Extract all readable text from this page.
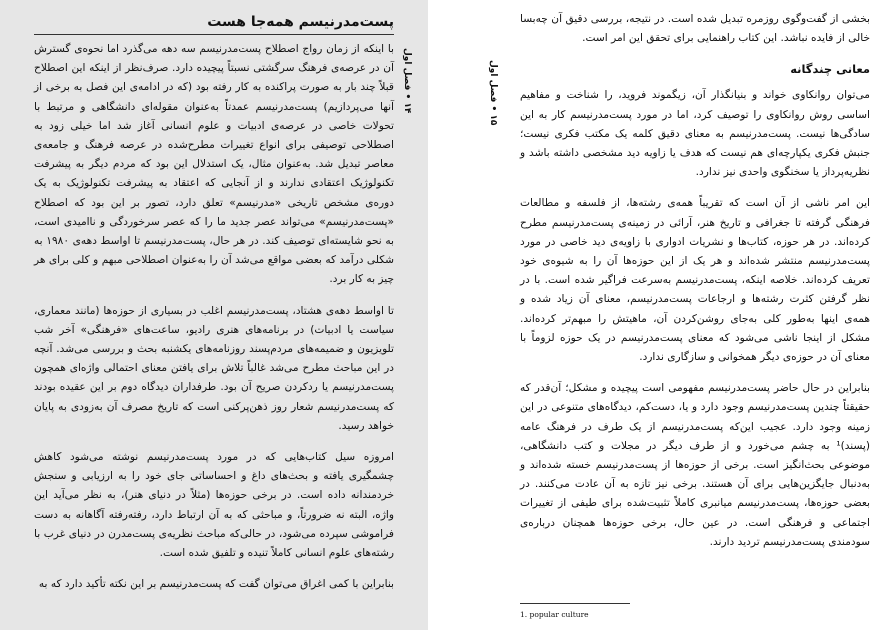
پست‌مدرنیسم همه‌جا هست
۱۴ • فصل اول

با اینکه از زمان رواج اصطلاح پست‌مدرنیسم سه دهه می‌گذرد اما نحوه‌ی گسترش آن در عرصه‌ی فرهنگ سرگشتی نسبتاً پیچیده دارد. صرف‌نظر از اینکه این اصطلاح قبلاً چند بار به صورت پراکنده به کار رفته بود (که در ادامه‌ی این فصل به برخی از آنها می‌پردازیم) پست‌مدرنیسم عمدتاً به‌عنوان مقوله‌ای دانشگاهی و مرتبط با تحولات خاصی در عرصه‌ی ادبیات و علوم انسانی آغاز شد اما خیلی زود به اصطلاحی توصیفی برای انواع تغییرات مطرح‌شده در عرصه فرهنگ و جامعه‌ی معاصر تبدیل شد. به‌عنوان مثال، یک استدلال این بود که مردم دیگر به پیشرفت تکنولوژیک اعتقادی ندارند و از آنجایی که اعتقاد به پیشرفت تکنولوژیک به یک دوره‌ی مشخص تاریخی «مدرنیسم» تعلق دارد، تصور بر این بود که اصطلاح «پست‌مدرنیسم» می‌تواند عصر جدید ما را که عصر سرخوردگی و ناامیدی است، به نحو شایسته‌ای توصیف کند. در هر حال، پست‌مدرنیسم تا اواسط دهه‌ی ۱۹۸۰ به شکلی درآمد که بعضی مواقع می‌شد آن را به‌عنوان اصطلاحی مبهم و کلی برای هر چیز به کار برد.

تا اواسط دهه‌ی هشتاد، پست‌مدرنیسم اغلب در بسیاری از حوزه‌ها (مانند معماری، سیاست یا ادبیات) در برنامه‌های هنری رادیو، ساعت‌های «فرهنگی» آخر شب تلویزیون و ضمیمه‌های مردم‌پسند روزنامه‌های یکشنبه بحث و بررسی می‌شد. آنچه در این مباحث مطرح می‌شد غالباً تلاش برای یافتن معنای احتمالی واژه‌ای همچون پست‌مدرنیسم یا ردکردن صریح آن بود. طرفداران دیدگاه دوم بر این عقیده بودند که پست‌مدرنیسم شعار روز ذهن‌پرکنی است که تاریخ مصرف آن به‌زودی به پایان خواهد رسید.

امروزه سیل کتاب‌هایی که در مورد پست‌مدرنیسم نوشته می‌شود کاهش چشمگیری یافته و بحث‌های داغ و احساساتی جای خود را به ارزیابی و سنجش خردمندانه داده است. در برخی حوزه‌ها (مثلاً در دنیای هنر)، به نظر می‌آید این واژه، البته نه ضرورتاً، و مباحثی که به آن ارتباط دارد، رفته‌رفته آگاهانه به دست فراموشی سپرده می‌شود، در حالی‌که مباحث نظریه‌ی پست‌مدرن در دنیای غرب با رشته‌های علوم انسانی کاملاً تنیده و تلفیق شده است.

بنابراین با کمی اغراق می‌توان گفت که پست‌مدرنیسم بر این نکته تأکید دارد که به

۱۵ • فصل اول

بخشی از گفت‌وگوی روزمره تبدیل شده است. در نتیجه، بررسی دقیق آن چه‌بسا خالی از فایده نباشد. این کتاب راهنمایی برای تحقق این امر است.

معانی چندگانه

می‌توان روانکاوی خواند و بنیانگذار آن، زیگموند فروید، را شناخت و مفاهیم اساسی روش روانکاوی را توصیف کرد، اما در مورد پست‌مدرنیسم کار به این سادگی‌ها نیست. پست‌مدرنیسم به معنای دقیق کلمه یک مکتب فکری نیست؛ جنبش فکری یکپارچه‌ای هم نیست که هدف یا زاویه دید مشخصی داشته باشد و نظریه‌پرداز یا سخنگوی واحدی نیز ندارد.

این امر ناشی از آن است که تقریباً همه‌ی رشته‌ها، از فلسفه و مطالعات فرهنگی گرفته تا جغرافی و تاریخ هنر، آرائی در زمینه‌ی پست‌مدرنیسم مطرح کرده‌اند. در هر حوزه، کتاب‌ها و نشریات ادواری با زاویه‌ی دید خاصی در مورد پست‌مدرنیسم منتشر شده‌اند و هر یک از این حوزه‌ها آن را به شیوه‌ی خود تعریف کرده‌اند. خلاصه اینکه، پست‌مدرنیسم به‌سرعت فراگیر شده است. با در نظر گرفتن کثرت رشته‌ها و ارجاعات پست‌مدرنیسم، معنای آن زیاد شده و همه‌ی اینها به‌طور کلی به‌جای روشن‌کردن آن، ماهیتش را مبهم‌تر کرده‌اند. مشکل از اینجا ناشی می‌شود که معنای پست‌مدرنیسم در یک حوزه لزوماً با معنای آن در حوزه‌ی دیگر همخوانی و سازگاری ندارد.

بنابراین در حال حاضر پست‌مدرنیسم مفهومی است پیچیده و مشکل؛ آن‌قدر که حقیقتاً چندین پست‌مدرنیسم وجود دارد و یا، دست‌کم، دیدگاه‌های متنوعی در این زمینه وجود دارد. عجیب این‌که پست‌مدرنیسم از یک طرف در فرهنگ عامه (پسند)¹ به چشم می‌خورد و از طرف دیگر در مجلات و کتب دانشگاهی، موضوعی بحث‌انگیز است. برخی از حوزه‌ها از پست‌مدرنیسم خسته شده‌اند و به‌دنبال جایگزین‌هایی برای آن هستند. برخی نیز تازه به آن عادت می‌کنند. در بعضی حوزه‌ها، پست‌مدرنیسم میانبری کاملاً تثبیت‌شده برای طیفی از تغییرات اجتماعی و فرهنگی است. در عین حال، برخی حوزه‌ها همچنان درباره‌ی سودمندی پست‌مدرنیسم تردید دارند.

1. popular culture
